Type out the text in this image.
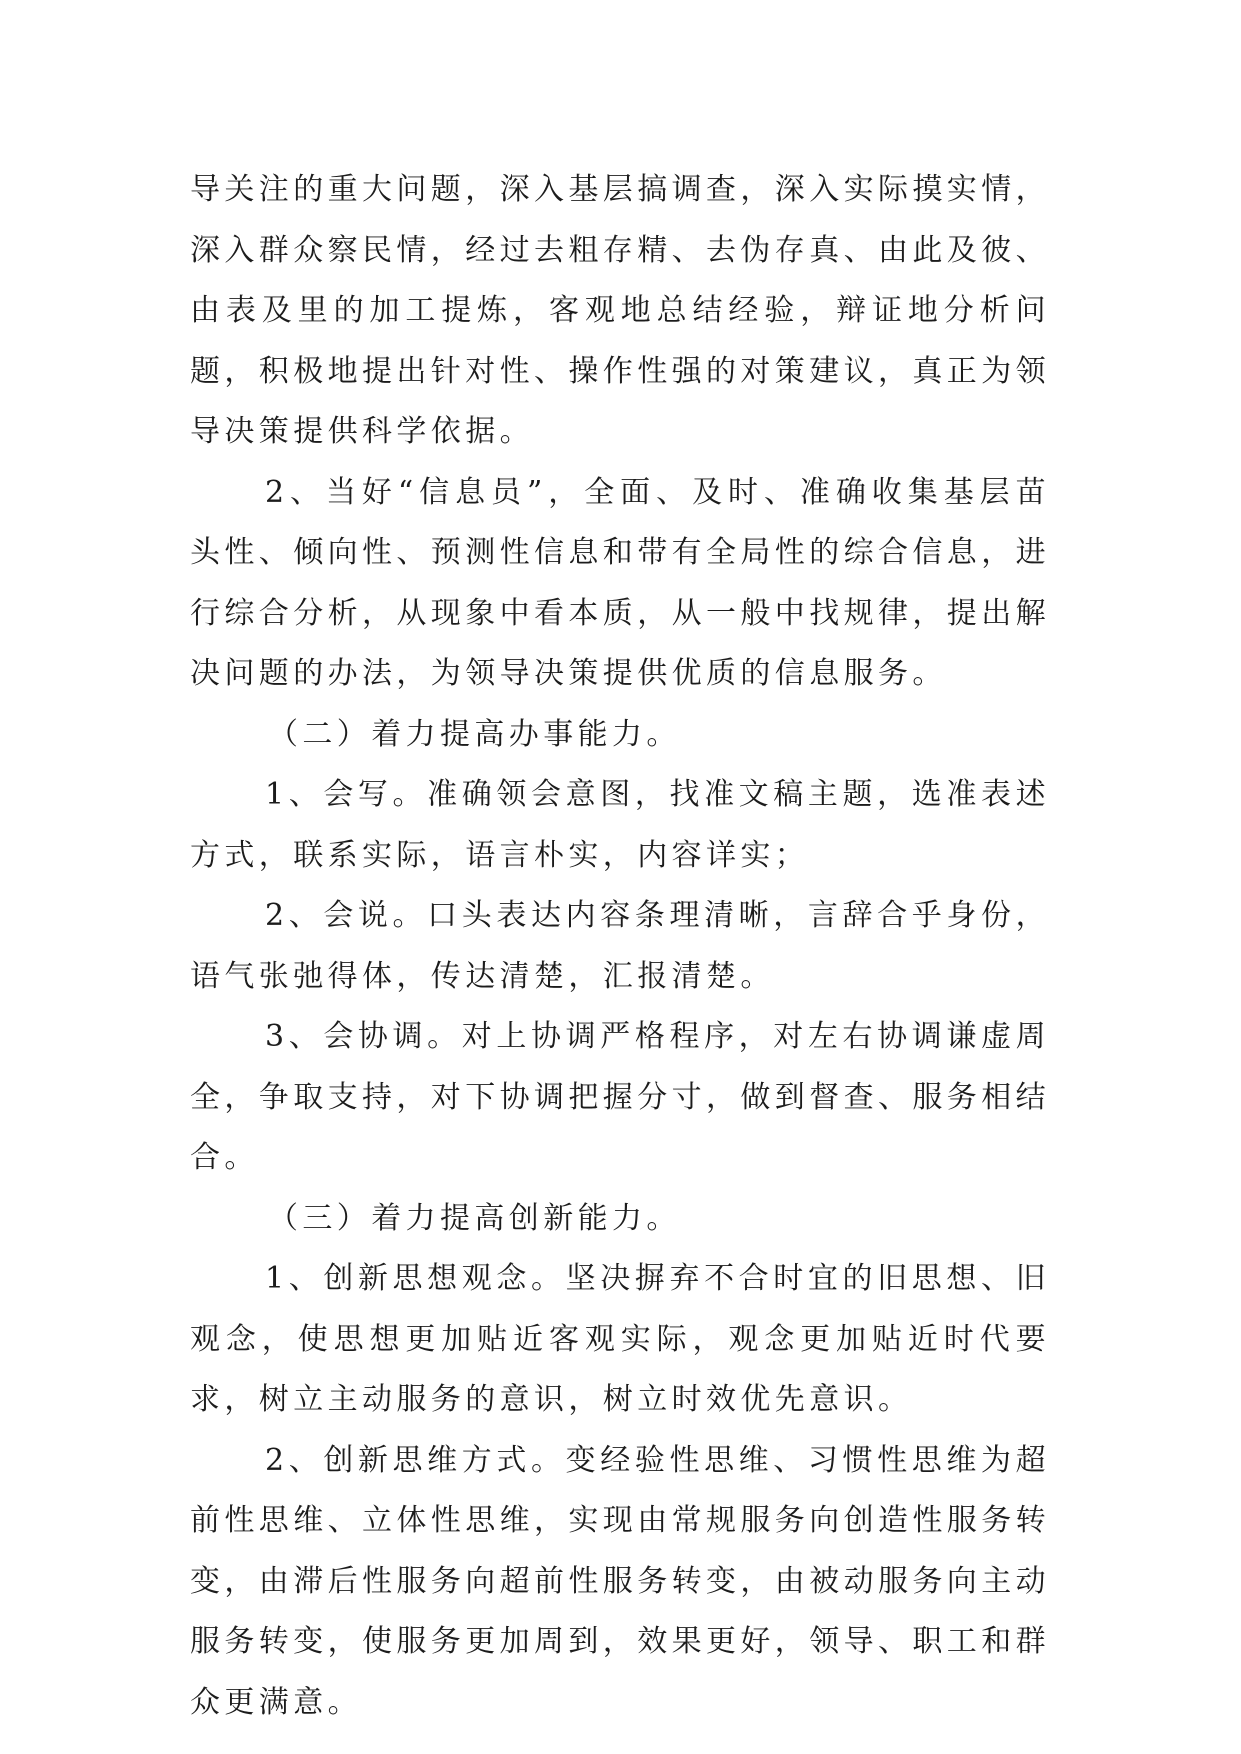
导关注的重大问题，深入基层搞调查，深入实际摸实情，深入群众察民情，经过去粗存精、去伪存真、由此及彼、由表及里的加工提炼，客观地总结经验，辩证地分析问题，积极地提出针对性、操作性强的对策建议，真正为领导决策提供科学依据。

2、当好“信息员”，全面、及时、准确收集基层苗头性、倾向性、预测性信息和带有全局性的综合信息，进行综合分析，从现象中看本质，从一般中找规律，提出解决问题的办法，为领导决策提供优质的信息服务。

（二）着力提高办事能力。

1、会写。准确领会意图，找准文稿主题，选准表述方式，联系实际，语言朴实，内容详实；

2、会说。口头表达内容条理清晰，言辞合乎身份，语气张弛得体，传达清楚，汇报清楚。

3、会协调。对上协调严格程序，对左右协调谦虚周全，争取支持，对下协调把握分寸，做到督查、服务相结合。

（三）着力提高创新能力。

1、创新思想观念。坚决摒弃不合时宜的旧思想、旧观念，使思想更加贴近客观实际，观念更加贴近时代要求，树立主动服务的意识，树立时效优先意识。

2、创新思维方式。变经验性思维、习惯性思维为超前性思维、立体性思维，实现由常规服务向创造性服务转变，由滞后性服务向超前性服务转变，由被动服务向主动服务转变，使服务更加周到，效果更好，领导、职工和群众更满意。
